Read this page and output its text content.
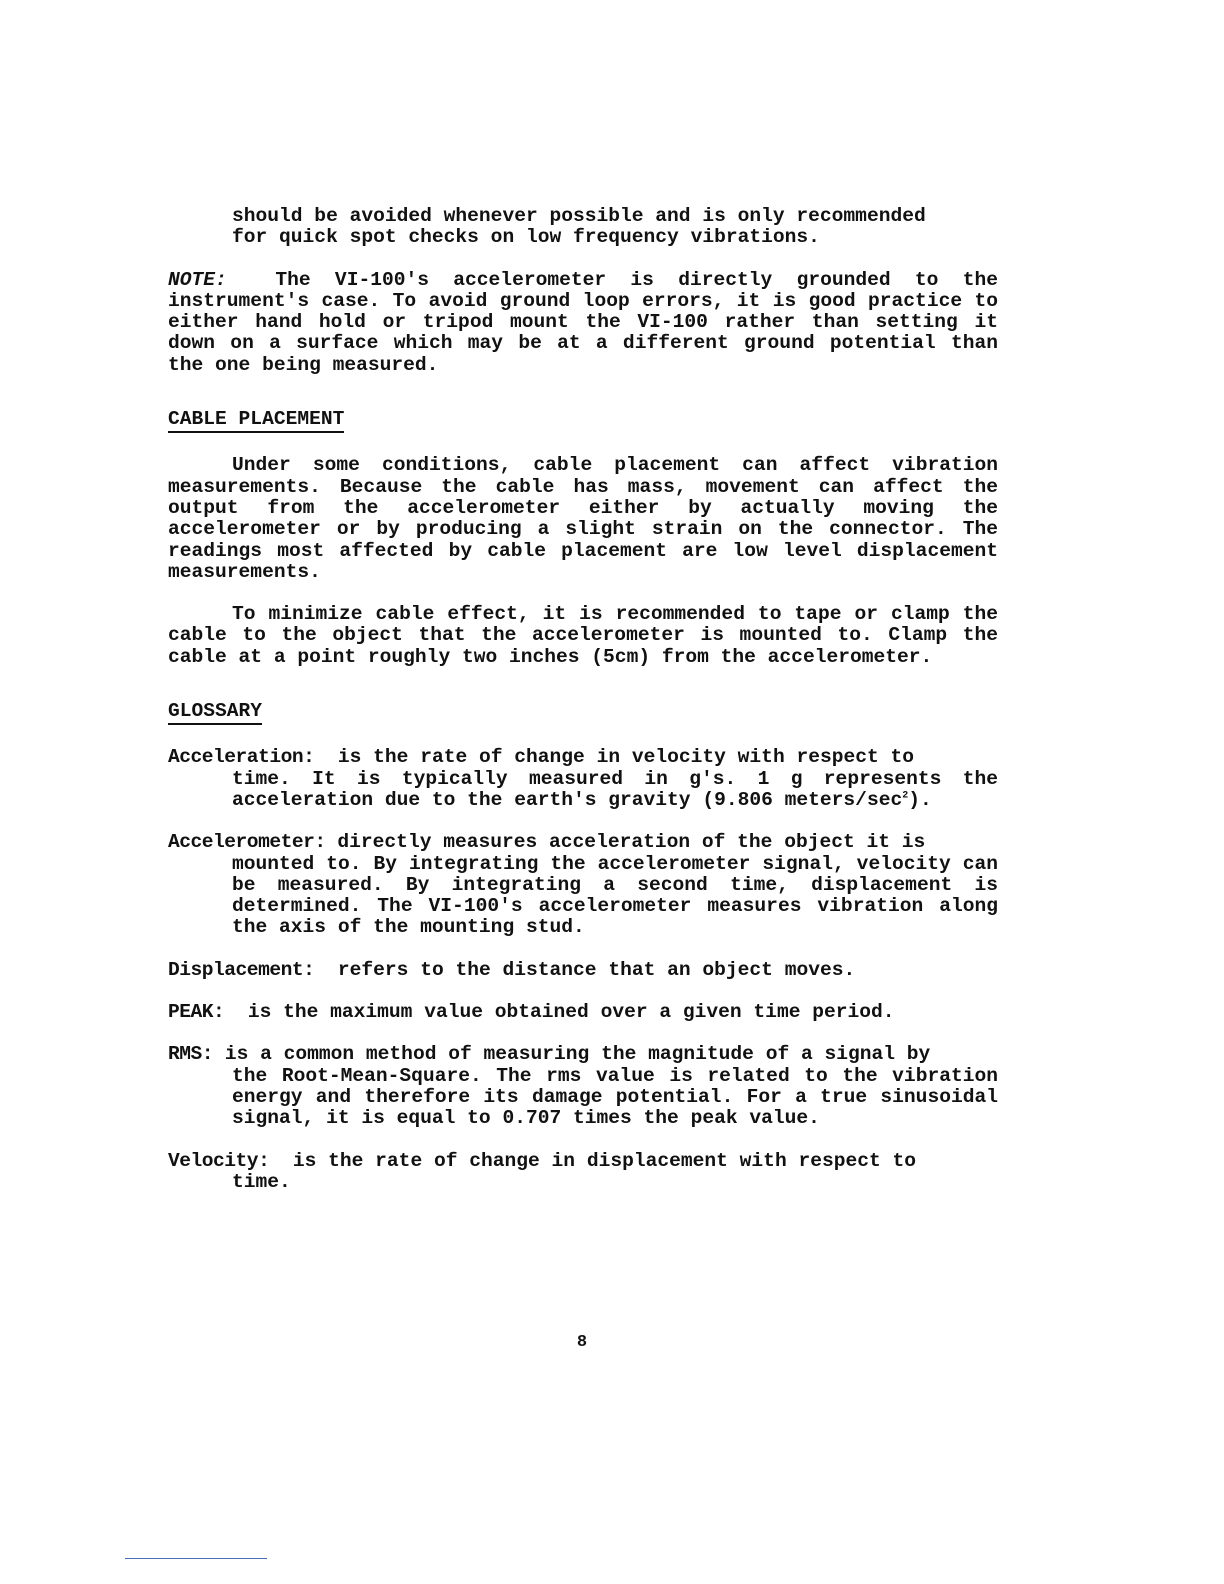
should be avoided whenever possible and is only recommended

for quick spot checks on low frequency vibrations.

NOTE: The VI-100's accelerometer is directly grounded to the instrument's case. To avoid ground loop errors, it is good practice to either hand hold or tripod mount the VI-100 rather than setting it down on a surface which may be at a different ground potential than the one being measured.

CABLE PLACEMENT

Under some conditions, cable placement can affect vibration measurements. Because the cable has mass, movement can affect the output from the accelerometer either by actually moving the accelerometer or by producing a slight strain on the connector. The readings most affected by cable placement are low level displacement measurements.

To minimize cable effect, it is recommended to tape or clamp the cable to the object that the accelerometer is mounted to. Clamp the cable at a point roughly two inches (5cm) from the accelerometer.

GLOSSARY
Acceleration: is the rate of change in velocity with respect to
time. It is typically measured in g's. 1 g represents the acceleration due to the earth's gravity (9.806 meters/$\sec^2$).
Accelerometer: directly measures acceleration of the object it is
mounted to. By integrating the accelerometer signal, velocity can be measured. By integrating a second time, displacement is determined. The VI-100's accelerometer measures vibration along the axis of the mounting stud.
Displacement: refers to the distance that an object moves.
PEAK: is the maximum value obtained over a given time period.
RMS: is a common method of measuring the magnitude of a signal by
the Root-Mean-Square. The rms value is related to the vibration energy and therefore its damage potential. For a true sinusoidal signal, it is equal to 0.707 times the peak value.
Velocity: is the rate of change in displacement with respect to
time.
8
